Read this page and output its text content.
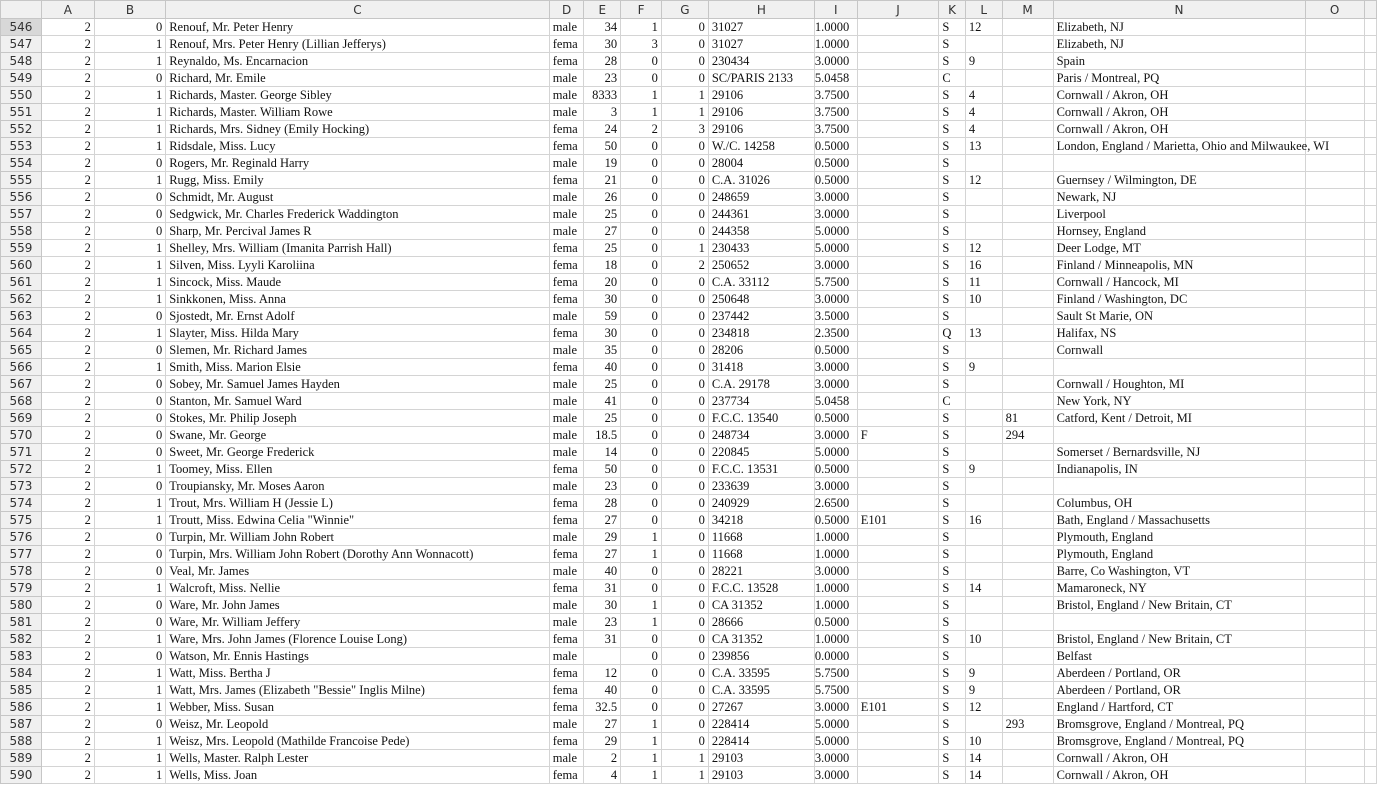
	A	B	C	D	E	F	G	H	I	J	K	L	M	N	O	
546	2	0	Renouf, Mr. Peter Henry	male	34	1	0	31027	1.0000		S	12		Elizabeth, NJ		
547	2	1	Renouf, Mrs. Peter Henry (Lillian Jefferys)	fema	30	3	0	31027	1.0000		S			Elizabeth, NJ		
548	2	1	Reynaldo, Ms. Encarnacion	fema	28	0	0	230434	3.0000		S	9		Spain		
549	2	0	Richard, Mr. Emile	male	23	0	0	SC/PARIS 2133	5.0458		C			Paris / Montreal, PQ		
550	2	1	Richards, Master. George Sibley	male	8333	1	1	29106	3.7500		S	4		Cornwall / Akron, OH		
551	2	1	Richards, Master. William Rowe	male	3	1	1	29106	3.7500		S	4		Cornwall / Akron, OH		
552	2	1	Richards, Mrs. Sidney (Emily Hocking)	fema	24	2	3	29106	3.7500		S	4		Cornwall / Akron, OH		
553	2	1	Ridsdale, Miss. Lucy	fema	50	0	0	W./C. 14258	0.5000		S	13		London, England / Marietta, Ohio and Milwaukee, WI		
554	2	0	Rogers, Mr. Reginald Harry	male	19	0	0	28004	0.5000		S					
555	2	1	Rugg, Miss. Emily	fema	21	0	0	C.A. 31026	0.5000		S	12		Guernsey / Wilmington, DE		
556	2	0	Schmidt, Mr. August	male	26	0	0	248659	3.0000		S			Newark, NJ		
557	2	0	Sedgwick, Mr. Charles Frederick Waddington	male	25	0	0	244361	3.0000		S			Liverpool		
558	2	0	Sharp, Mr. Percival James R	male	27	0	0	244358	5.0000		S			Hornsey, England		
559	2	1	Shelley, Mrs. William (Imanita Parrish Hall)	fema	25	0	1	230433	5.0000		S	12		Deer Lodge, MT		
560	2	1	Silven, Miss. Lyyli Karoliina	fema	18	0	2	250652	3.0000		S	16		Finland / Minneapolis, MN		
561	2	1	Sincock, Miss. Maude	fema	20	0	0	C.A. 33112	5.7500		S	11		Cornwall / Hancock, MI		
562	2	1	Sinkkonen, Miss. Anna	fema	30	0	0	250648	3.0000		S	10		Finland / Washington, DC		
563	2	0	Sjostedt, Mr. Ernst Adolf	male	59	0	0	237442	3.5000		S			Sault St Marie, ON		
564	2	1	Slayter, Miss. Hilda Mary	fema	30	0	0	234818	2.3500		Q	13		Halifax, NS		
565	2	0	Slemen, Mr. Richard James	male	35	0	0	28206	0.5000		S			Cornwall		
566	2	1	Smith, Miss. Marion Elsie	fema	40	0	0	31418	3.0000		S	9				
567	2	0	Sobey, Mr. Samuel James Hayden	male	25	0	0	C.A. 29178	3.0000		S			Cornwall / Houghton, MI		
568	2	0	Stanton, Mr. Samuel Ward	male	41	0	0	237734	5.0458		C			New York, NY		
569	2	0	Stokes, Mr. Philip Joseph	male	25	0	0	F.C.C. 13540	0.5000		S		81	Catford, Kent / Detroit, MI		
570	2	0	Swane, Mr. George	male	18.5	0	0	248734	3.0000	F	S		294			
571	2	0	Sweet, Mr. George Frederick	male	14	0	0	220845	5.0000		S			Somerset / Bernardsville, NJ		
572	2	1	Toomey, Miss. Ellen	fema	50	0	0	F.C.C. 13531	0.5000		S	9		Indianapolis, IN		
573	2	0	Troupiansky, Mr. Moses Aaron	male	23	0	0	233639	3.0000		S					
574	2	1	Trout, Mrs. William H (Jessie L)	fema	28	0	0	240929	2.6500		S			Columbus, OH		
575	2	1	Troutt, Miss. Edwina Celia "Winnie"	fema	27	0	0	34218	0.5000	E101	S	16		Bath, England / Massachusetts		
576	2	0	Turpin, Mr. William John Robert	male	29	1	0	11668	1.0000		S			Plymouth, England		
577	2	0	Turpin, Mrs. William John Robert (Dorothy Ann Wonnacott)	fema	27	1	0	11668	1.0000		S			Plymouth, England		
578	2	0	Veal, Mr. James	male	40	0	0	28221	3.0000		S			Barre, Co Washington, VT		
579	2	1	Walcroft, Miss. Nellie	fema	31	0	0	F.C.C. 13528	1.0000		S	14		Mamaroneck, NY		
580	2	0	Ware, Mr. John James	male	30	1	0	CA 31352	1.0000		S			Bristol, England / New Britain, CT		
581	2	0	Ware, Mr. William Jeffery	male	23	1	0	28666	0.5000		S					
582	2	1	Ware, Mrs. John James (Florence Louise Long)	fema	31	0	0	CA 31352	1.0000		S	10		Bristol, England / New Britain, CT		
583	2	0	Watson, Mr. Ennis Hastings	male		0	0	239856	0.0000		S			Belfast		
584	2	1	Watt, Miss. Bertha J	fema	12	0	0	C.A. 33595	5.7500		S	9		Aberdeen / Portland, OR		
585	2	1	Watt, Mrs. James (Elizabeth "Bessie" Inglis Milne)	fema	40	0	0	C.A. 33595	5.7500		S	9		Aberdeen / Portland, OR		
586	2	1	Webber, Miss. Susan	fema	32.5	0	0	27267	3.0000	E101	S	12		England / Hartford, CT		
587	2	0	Weisz, Mr. Leopold	male	27	1	0	228414	5.0000		S		293	Bromsgrove, England / Montreal, PQ		
588	2	1	Weisz, Mrs. Leopold (Mathilde Francoise Pede)	fema	29	1	0	228414	5.0000		S	10		Bromsgrove, England / Montreal, PQ		
589	2	1	Wells, Master. Ralph Lester	male	2	1	1	29103	3.0000		S	14		Cornwall / Akron, OH		
590	2	1	Wells, Miss. Joan	fema	4	1	1	29103	3.0000		S	14		Cornwall / Akron, OH		
